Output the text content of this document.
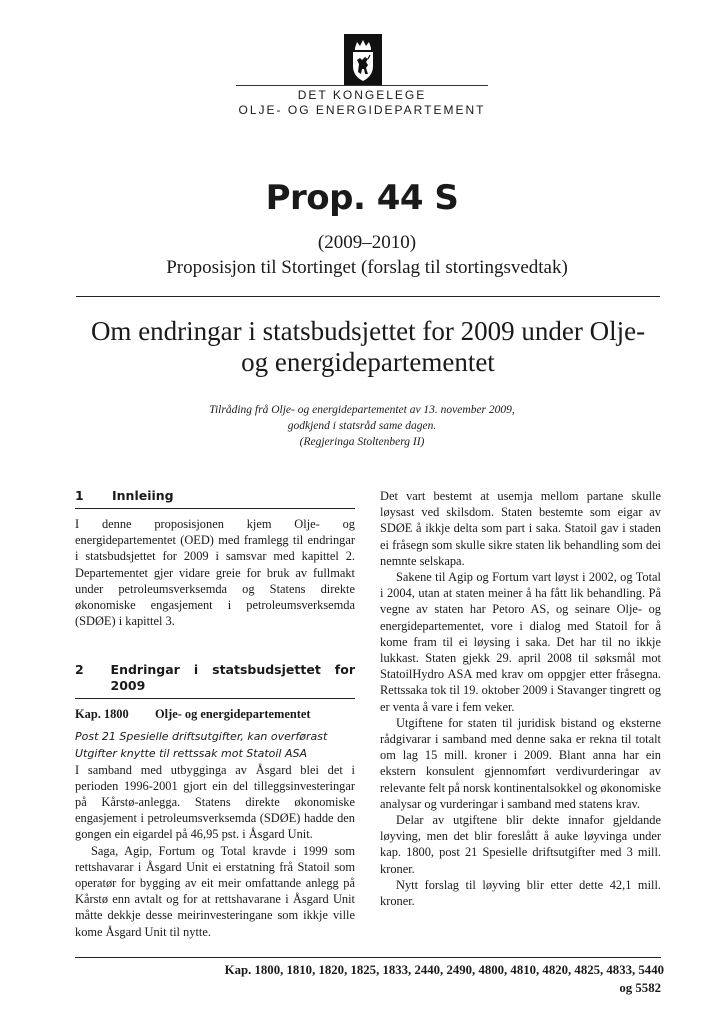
DET KONGELEGE
OLJE- OG ENERGIDEPARTEMENT
Prop. 44 S
(2009–2010)
Proposisjon til Stortinget (forslag til stortingsvedtak)
Om endringar i statsbudsjettet for 2009 under Olje- og energidepartementet
Tilråding frå Olje- og energidepartementet av 13. november 2009,
godkjend i statsråd same dagen.
(Regjeringa Stoltenberg II)
1	Innleiing

I denne proposisjonen kjem Olje- og energidepartementet (OED) med framlegg til endringar i statsbudsjettet for 2009 i samsvar med kapittel 2. Departementet gjer vidare greie for bruk av fullmakt under petroleumsverksemda og Statens direkte økonomiske engasjement i petroleumsverksemda (SDØE) i kapittel 3.

2	Endringar i statsbudsjettet for 2009
Kap. 1800	Olje- og energidepartementet
Post 21 Spesielle driftsutgifter, kan overførast
Utgifter knytte til rettssak mot Statoil ASA

I samband med utbygginga av Åsgard blei det i perioden 1996-2001 gjort ein del tilleggsinvesteringar på Kårstø-anlegga. Statens direkte økonomiske engasjement i petroleumsverksemda (SDØE) hadde den gongen ein eigardel på 46,95 pst. i Åsgard Unit.

Saga, Agip, Fortum og Total kravde i 1999 som rettshavarar i Åsgard Unit ei erstatning frå Statoil som operatør for bygging av eit meir omfattande anlegg på Kårstø enn avtalt og for at rettshavarane i Åsgard Unit måtte dekkje desse meirinvesteringane som ikkje ville kome Åsgard Unit til nytte.

Det vart bestemt at usemja mellom partane skulle løysast ved skilsdom. Staten bestemte som eigar av SDØE å ikkje delta som part i saka. Statoil gav i staden ei fråsegn som skulle sikre staten lik behandling som dei nemnte selskapa.

Sakene til Agip og Fortum vart løyst i 2002, og Total i 2004, utan at staten meiner å ha fått lik behandling. På vegne av staten har Petoro AS, og seinare Olje- og energidepartementet, vore i dialog med Statoil for å kome fram til ei løysing i saka. Det har til no ikkje lukkast. Staten gjekk 29. april 2008 til søksmål mot StatoilHydro ASA med krav om oppgjer etter fråsegna. Rettssaka tok til 19. oktober 2009 i Stavanger tingrett og er venta å vare i fem veker.

Utgiftene for staten til juridisk bistand og eksterne rådgivarar i samband med denne saka er rekna til totalt om lag 15 mill. kroner i 2009. Blant anna har ein ekstern konsulent gjennomført verdivurderingar av relevante felt på norsk kontinentalsokkel og økonomiske analysar og vurderingar i samband med statens krav.

Delar av utgiftene blir dekte innafor gjeldande løyving, men det blir foreslått å auke løyvinga under kap. 1800, post 21 Spesielle driftsutgifter med 3 mill. kroner.

Nytt forslag til løyving blir etter dette 42,1 mill. kroner.

Kap. 1800, 1810, 1820, 1825, 1833, 2440, 2490, 4800, 4810, 4820, 4825, 4833, 5440
og 5582
